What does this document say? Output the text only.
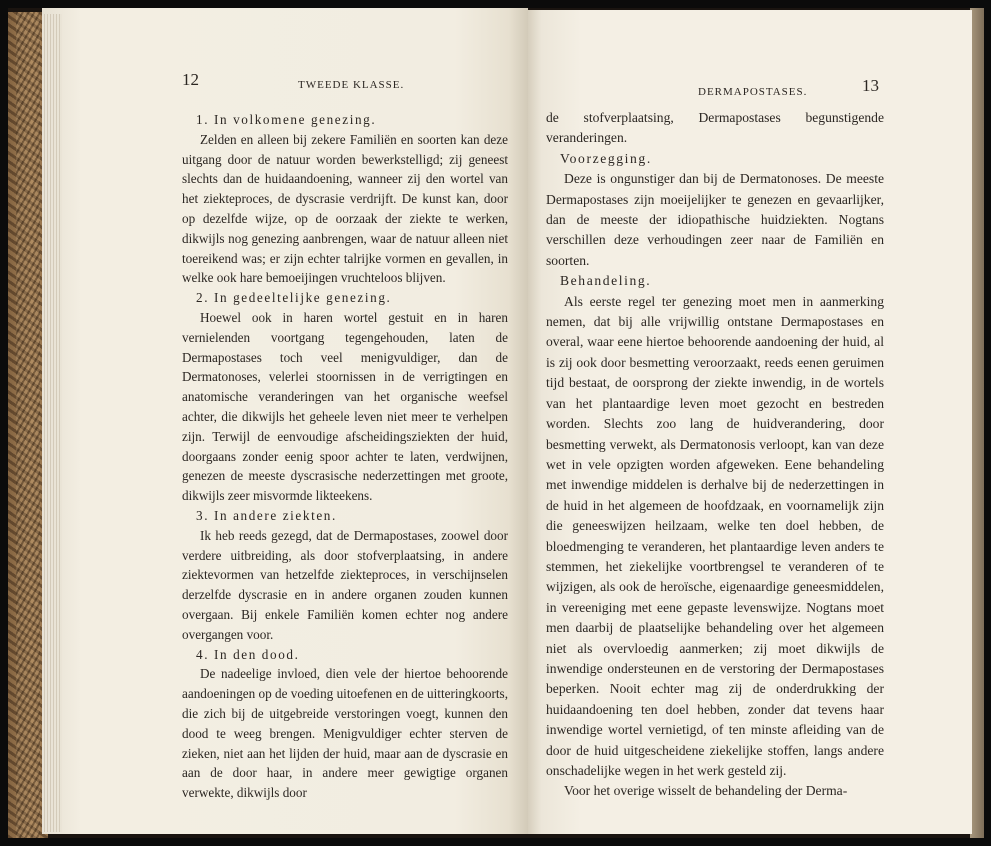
12	TWEEDE KLASSE.

1. In volkomene genezing.

Zelden en alleen bij zekere Familiën en soorten kan deze uitgang door de natuur worden bewerkstelligd; zij geneest slechts dan de huidaandoening, wanneer zij den wortel van het ziekteproces, de dyscrasie verdrijft. De kunst kan, door op dezelfde wijze, op de oorzaak der ziekte te werken, dikwijls nog genezing aanbrengen, waar de natuur alleen niet toereikend was; er zijn echter talrijke vormen en gevallen, in welke ook hare bemoeijingen vruchteloos blijven.

2. In gedeeltelijke genezing.

Hoewel ook in haren wortel gestuit en in haren vernielenden voortgang tegengehouden, laten de Dermapostases toch veel menigvuldiger, dan de Dermatonoses, velerlei stoornissen in de verrigtingen en anatomische veranderingen van het organische weefsel achter, die dikwijls het geheele leven niet meer te verhelpen zijn. Terwijl de eenvoudige afscheidingsziekten der huid, doorgaans zonder eenig spoor achter te laten, verdwijnen, genezen de meeste dyscrasische nederzettingen met groote, dikwijls zeer misvormde likteekens.

3. In andere ziekten.

Ik heb reeds gezegd, dat de Dermapostases, zoowel door verdere uitbreiding, als door stofverplaatsing, in andere ziektevormen van hetzelfde ziekteproces, in verschijnselen derzelfde dyscrasie en in andere organen zouden kunnen overgaan. Bij enkele Familiën komen echter nog andere overgangen voor.

4. In den dood.

De nadeelige invloed, dien vele der hiertoe behoorende aandoeningen op de voeding uitoefenen en de uitteringkoorts, die zich bij de uitgebreide verstoringen voegt, kunnen den dood te weeg brengen. Menigvuldiger echter sterven de zieken, niet aan het lijden der huid, maar aan de dyscrasie en aan de door haar, in andere meer gewigtige organen verwekte, dikwijls door

DERMAPOSTASES.	13

de stofverplaatsing, Dermapostases begunstigende veranderingen.

Voorzegging.

Deze is ongunstiger dan bij de Dermatonoses. De meeste Dermapostases zijn moeijelijker te genezen en gevaarlijker, dan de meeste der idiopathische huidziekten. Nogtans verschillen deze verhoudingen zeer naar de Familiën en soorten.

Behandeling.

Als eerste regel ter genezing moet men in aanmerking nemen, dat bij alle vrijwillig ontstane Dermapostases en overal, waar eene hiertoe behoorende aandoening der huid, al is zij ook door besmetting veroorzaakt, reeds eenen geruimen tijd bestaat, de oorsprong der ziekte inwendig, in de wortels van het plantaardige leven moet gezocht en bestreden worden. Slechts zoo lang de huidverandering, door besmetting verwekt, als Dermatonosis verloopt, kan van deze wet in vele opzigten worden afgeweken. Eene behandeling met inwendige middelen is derhalve bij de nederzettingen in de huid in het algemeen de hoofdzaak, en voornamelijk zijn die geneeswijzen heilzaam, welke ten doel hebben, de bloedmenging te veranderen, het plantaardige leven anders te stemmen, het ziekelijke voortbrengsel te veranderen of te wijzigen, als ook de heroïsche, eigenaardige geneesmiddelen, in vereeniging met eene gepaste levenswijze. Nogtans moet men daarbij de plaatselijke behandeling over het algemeen niet als overvloedig aanmerken; zij moet dikwijls de inwendige ondersteunen en de verstoring der Dermapostases beperken. Nooit echter mag zij de onderdrukking der huidaandoening ten doel hebben, zonder dat tevens haar inwendige wortel vernietigd, of ten minste afleiding van de door de huid uitgescheidene ziekelijke stoffen, langs andere onschadelijke wegen in het werk gesteld zij.

Voor het overige wisselt de behandeling der Derma-
